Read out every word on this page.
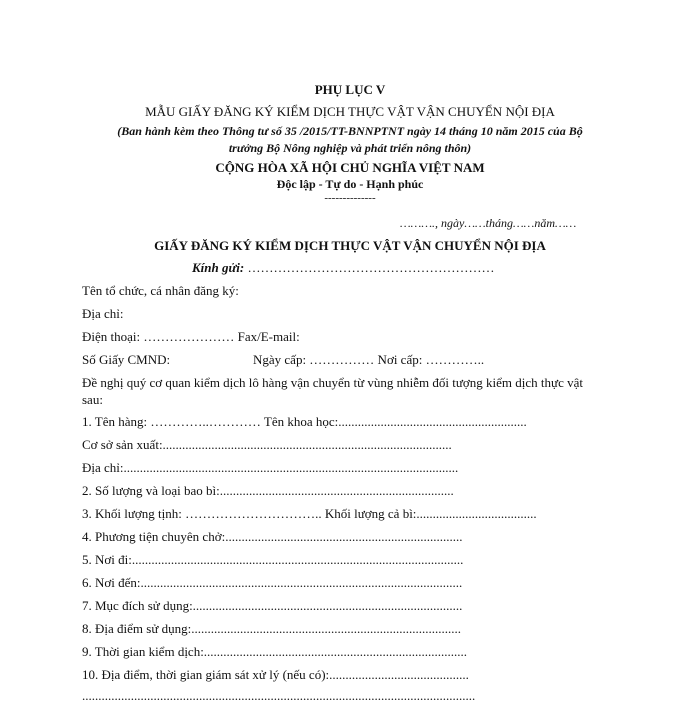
PHỤ LỤC V
MẪU GIẤY ĐĂNG KÝ KIỂM DỊCH THỰC VẬT VẬN CHUYỂN NỘI ĐỊA
(Ban hành kèm theo Thông tư số 35 /2015/TT-BNNPTNT ngày 14 tháng 10 năm 2015 của Bộ
trưởng Bộ Nông nghiệp và phát triển nông thôn)
CỘNG HÒA XÃ HỘI CHỦ NGHĨA VIỆT NAM
Độc lập - Tự do - Hạnh phúc
--------------
………., ngày……tháng……năm……
GIẤY ĐĂNG KÝ KIỂM DỊCH THỰC VẬT VẬN CHUYỂN NỘI ĐỊA
Kính gửi: …………………………………………………
Tên tổ chức, cá nhân đăng ký:
Địa chỉ:
Điện thoại: ………………… Fax/E-mail:
Số Giấy CMND:	Ngày cấp: …………… Nơi cấp: …………..
Đề nghị quý cơ quan kiểm dịch lô hàng vận chuyển từ vùng nhiễm đối tượng kiểm dịch thực vật
sau:
1. Tên hàng: …………..………… Tên khoa học:..........................................................
Cơ sở sản xuất:.........................................................................................
Địa chỉ:.......................................................................................................
2. Số lượng và loại bao bì:........................................................................
3. Khối lượng tịnh: ………………………….. Khối lượng cả bì:.....................................
4. Phương tiện chuyên chở:.........................................................................
5. Nơi đi:......................................................................................................
6. Nơi đến:...................................................................................................
7. Mục đích sử dụng:...................................................................................
8. Địa điểm sử dụng:...................................................................................
9. Thời gian kiểm dịch:.................................................................................
10. Địa điểm, thời gian giám sát xử lý (nếu có):...........................................
.........................................................................................................................
